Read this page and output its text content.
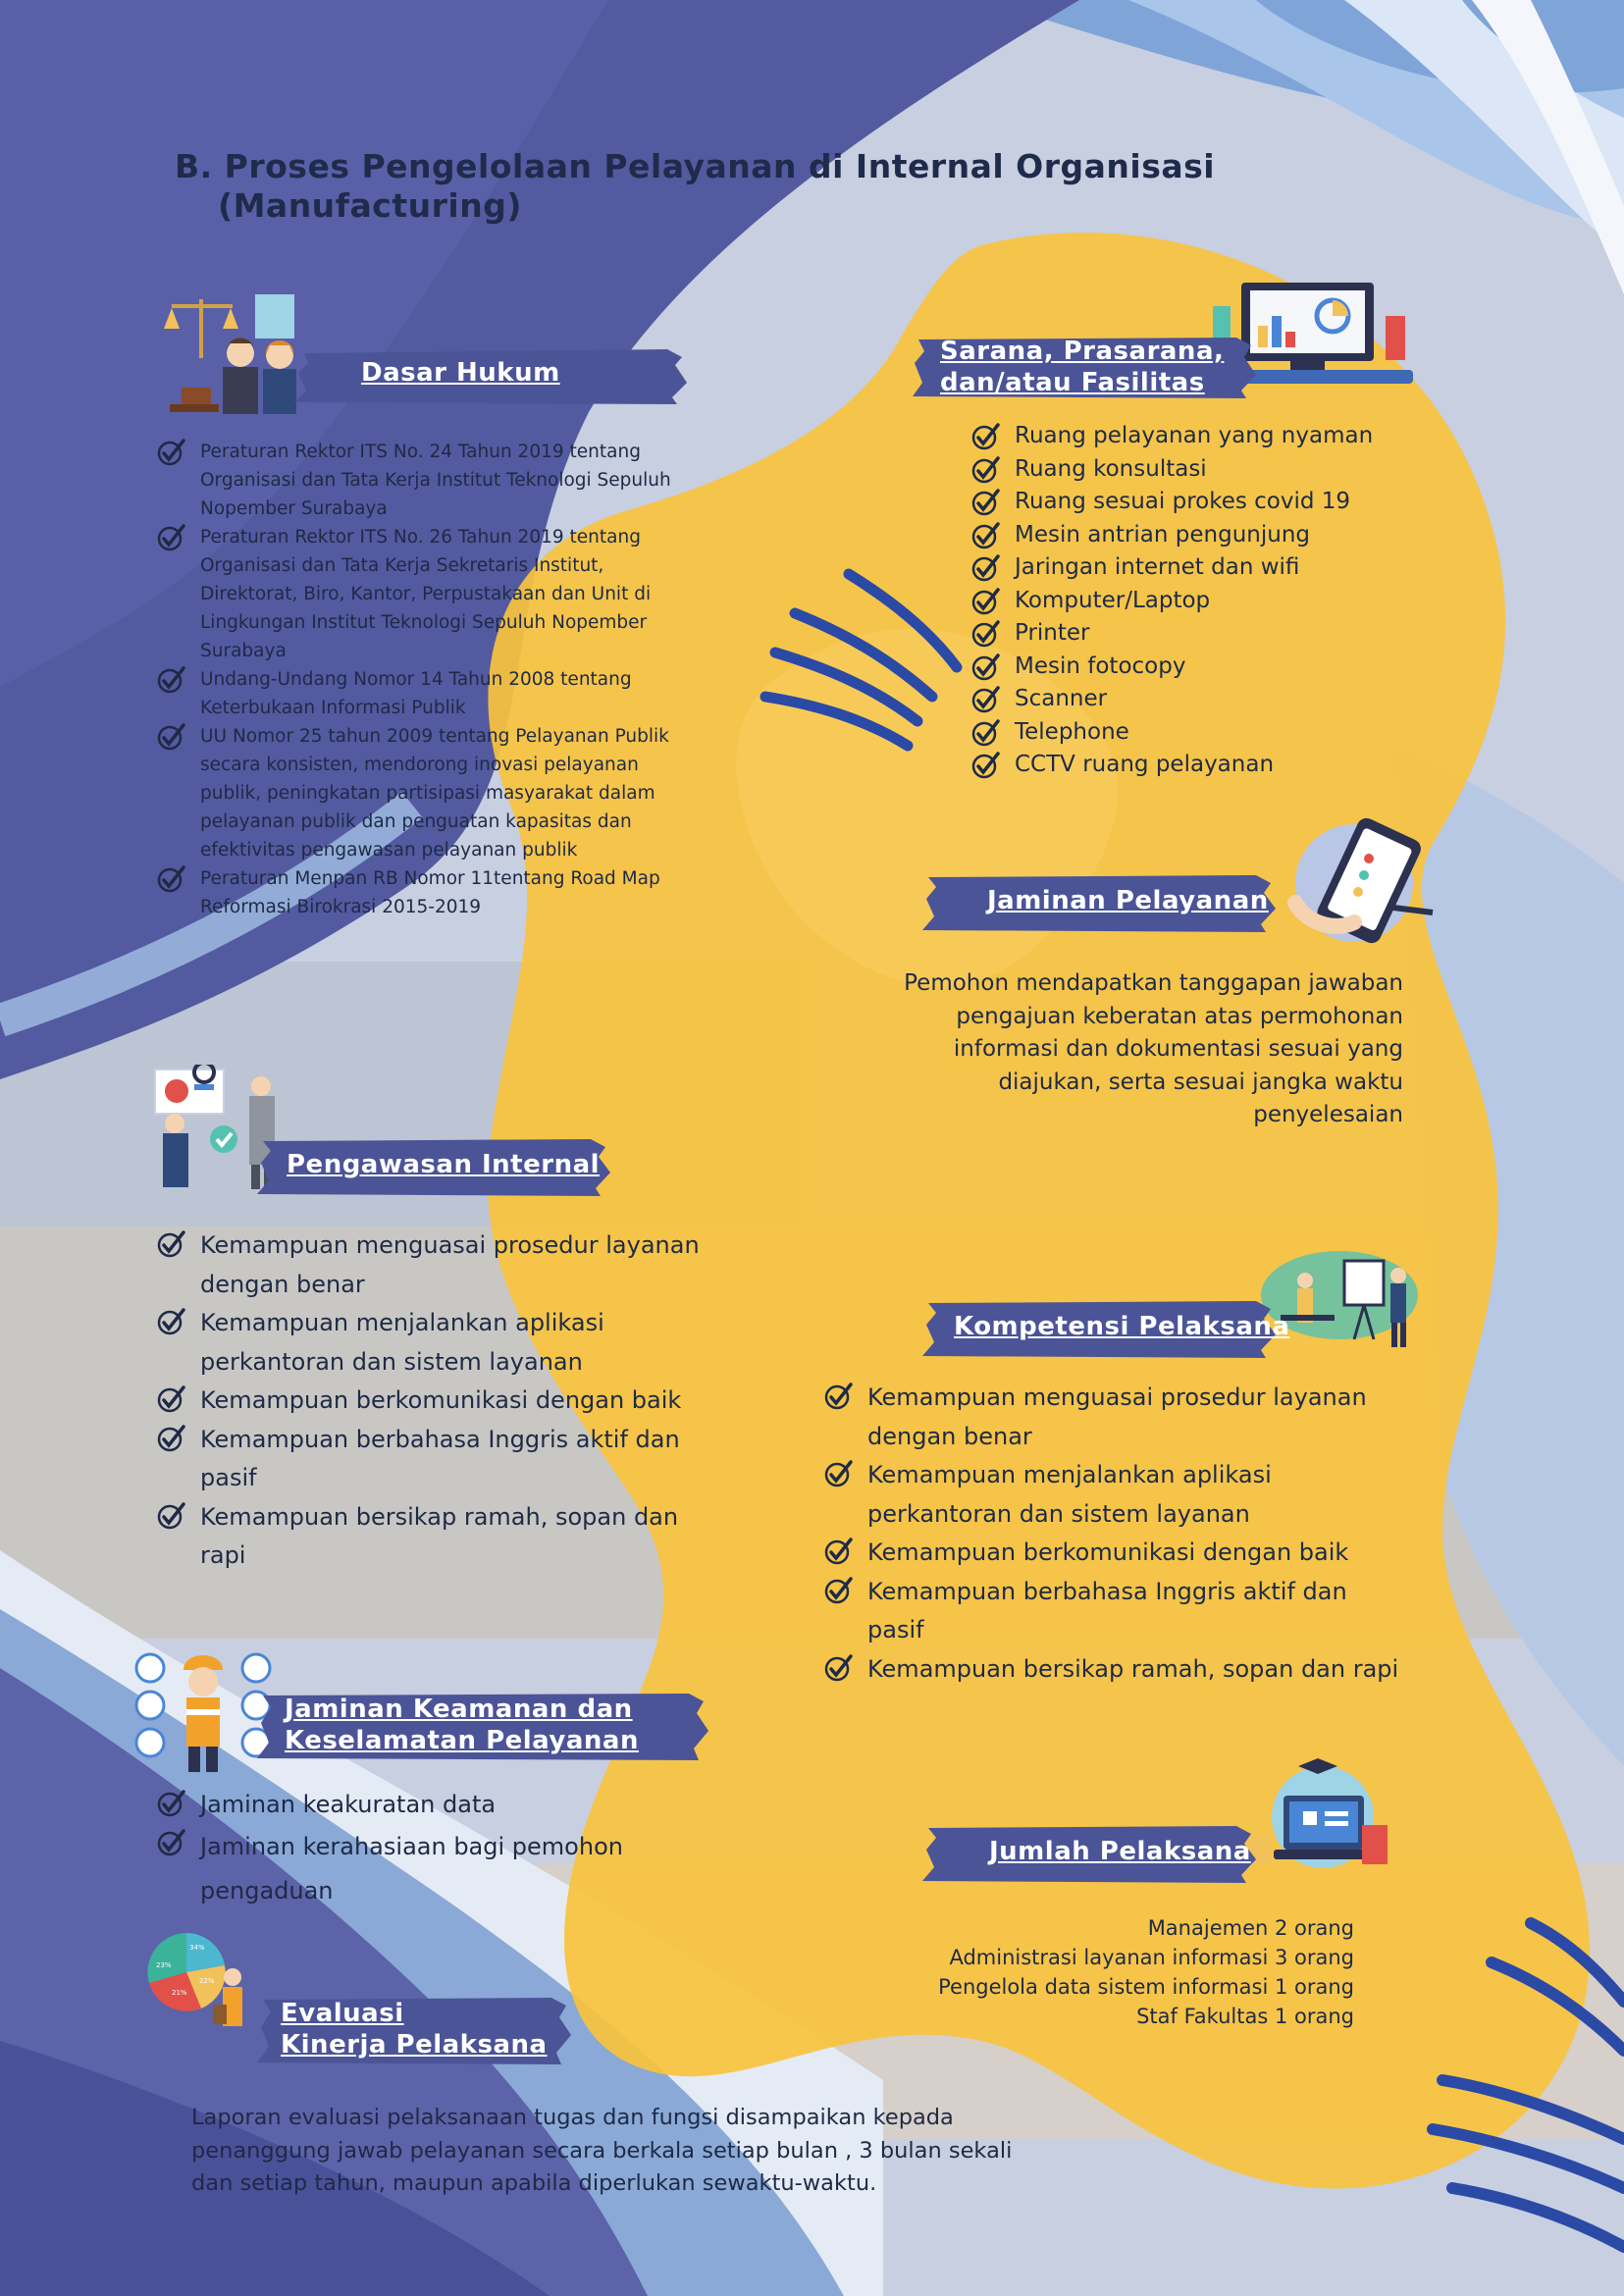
B. Proses Pengelolaan Pelayanan di Internal Organisasi
(Manufacturing)
Dasar Hukum
Peraturan Rektor ITS No. 24 Tahun 2019 tentang Organisasi dan Tata Kerja Institut Teknologi Sepuluh Nopember Surabaya
Peraturan Rektor ITS No. 26 Tahun 2019 tentang Organisasi dan Tata Kerja Sekretaris Institut, Direktorat, Biro, Kantor, Perpustakaan dan Unit di Lingkungan Institut Teknologi Sepuluh Nopember Surabaya
Undang-Undang Nomor 14 Tahun 2008 tentang Keterbukaan Informasi Publik
UU Nomor 25 tahun 2009 tentang Pelayanan Publik secara konsisten, mendorong inovasi pelayanan publik, peningkatan partisipasi masyarakat dalam pelayanan publik dan penguatan kapasitas dan efektivitas pengawasan pelayanan publik
Peraturan Menpan RB Nomor 11tentang Road Map Reformasi Birokrasi 2015-2019
Sarana, Prasarana,
dan/atau Fasilitas
Ruang pelayanan yang nyaman
Ruang konsultasi
Ruang sesuai prokes covid 19
Mesin antrian pengunjung
Jaringan internet dan wifi
Komputer/Laptop
Printer
Mesin fotocopy
Scanner
Telephone
CCTV ruang pelayanan
Jaminan Pelayanan
Pemohon mendapatkan tanggapan jawaban pengajuan keberatan atas permohonan informasi dan dokumentasi sesuai yang diajukan, serta sesuai jangka waktu penyelesaian
Pengawasan Internal
Kemampuan menguasai prosedur layanan dengan benar
Kemampuan menjalankan aplikasi perkantoran dan sistem layanan
Kemampuan berkomunikasi dengan baik
Kemampuan berbahasa Inggris aktif dan pasif
Kemampuan bersikap ramah, sopan dan rapi
Kompetensi Pelaksana
Kemampuan menguasai prosedur layanan dengan benar
Kemampuan menjalankan aplikasi perkantoran dan sistem layanan
Kemampuan berkomunikasi dengan baik
Kemampuan berbahasa Inggris aktif dan pasif
Kemampuan bersikap ramah, sopan dan rapi
Jaminan Keamanan dan
Keselamatan Pelayanan
Jaminan keakuratan data
Jaminan kerahasiaan bagi pemohon pengaduan
Jumlah Pelaksana
Manajemen 2 orang
Administrasi layanan informasi 3 orang
Pengelola data sistem informasi 1 orang
Staf Fakultas 1 orang
34%
22%
21%
23%
Evaluasi
Kinerja Pelaksana
Laporan evaluasi pelaksanaan tugas dan fungsi disampaikan kepada penanggung jawab pelayanan secara berkala setiap bulan , 3 bulan sekali dan setiap tahun, maupun apabila diperlukan sewaktu-waktu.
